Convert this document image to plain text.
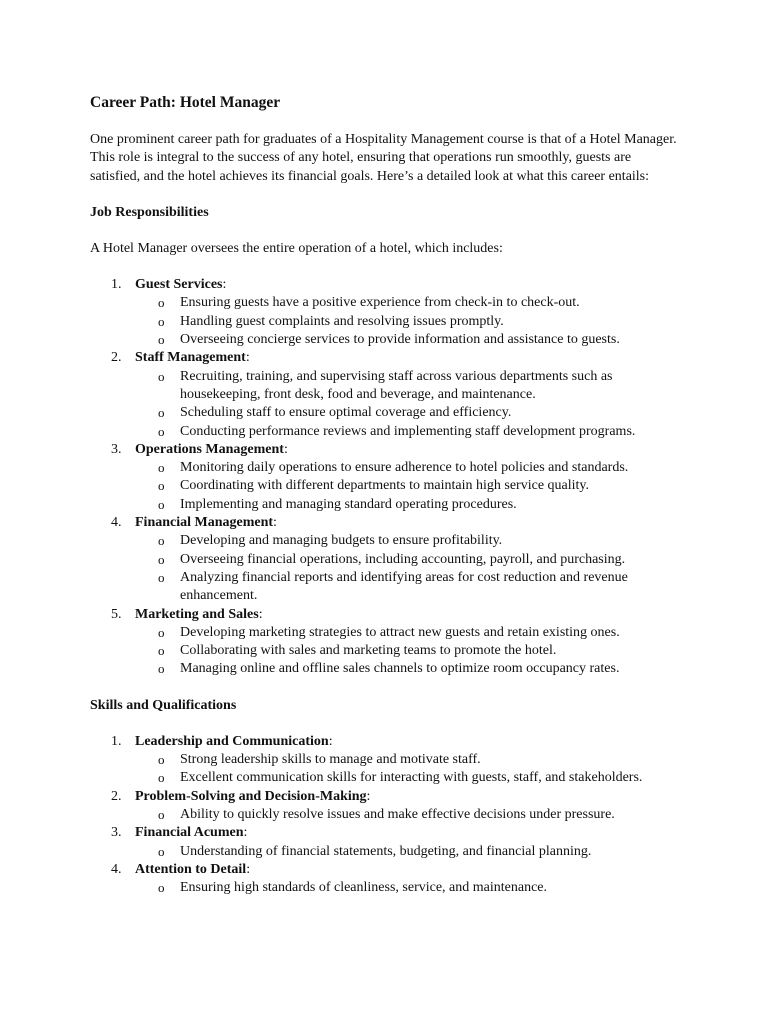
Career Path: Hotel Manager

One prominent career path for graduates of a Hospitality Management course is that of a Hotel Manager. This role is integral to the success of any hotel, ensuring that operations run smoothly, guests are satisfied, and the hotel achieves its financial goals. Here’s a detailed look at what this career entails:

Job Responsibilities

A Hotel Manager oversees the entire operation of a hotel, which includes:

1. Guest Services:
o Ensuring guests have a positive experience from check-in to check-out.
o Handling guest complaints and resolving issues promptly.
o Overseeing concierge services to provide information and assistance to guests.
2. Staff Management:
o Recruiting, training, and supervising staff across various departments such as housekeeping, front desk, food and beverage, and maintenance.
o Scheduling staff to ensure optimal coverage and efficiency.
o Conducting performance reviews and implementing staff development programs.
3. Operations Management:
o Monitoring daily operations to ensure adherence to hotel policies and standards.
o Coordinating with different departments to maintain high service quality.
o Implementing and managing standard operating procedures.
4. Financial Management:
o Developing and managing budgets to ensure profitability.
o Overseeing financial operations, including accounting, payroll, and purchasing.
o Analyzing financial reports and identifying areas for cost reduction and revenue enhancement.
5. Marketing and Sales:
o Developing marketing strategies to attract new guests and retain existing ones.
o Collaborating with sales and marketing teams to promote the hotel.
o Managing online and offline sales channels to optimize room occupancy rates.
Skills and Qualifications
1. Leadership and Communication:
o Strong leadership skills to manage and motivate staff.
o Excellent communication skills for interacting with guests, staff, and stakeholders.
2. Problem-Solving and Decision-Making:
o Ability to quickly resolve issues and make effective decisions under pressure.
3. Financial Acumen:
o Understanding of financial statements, budgeting, and financial planning.
4. Attention to Detail:
o Ensuring high standards of cleanliness, service, and maintenance.
